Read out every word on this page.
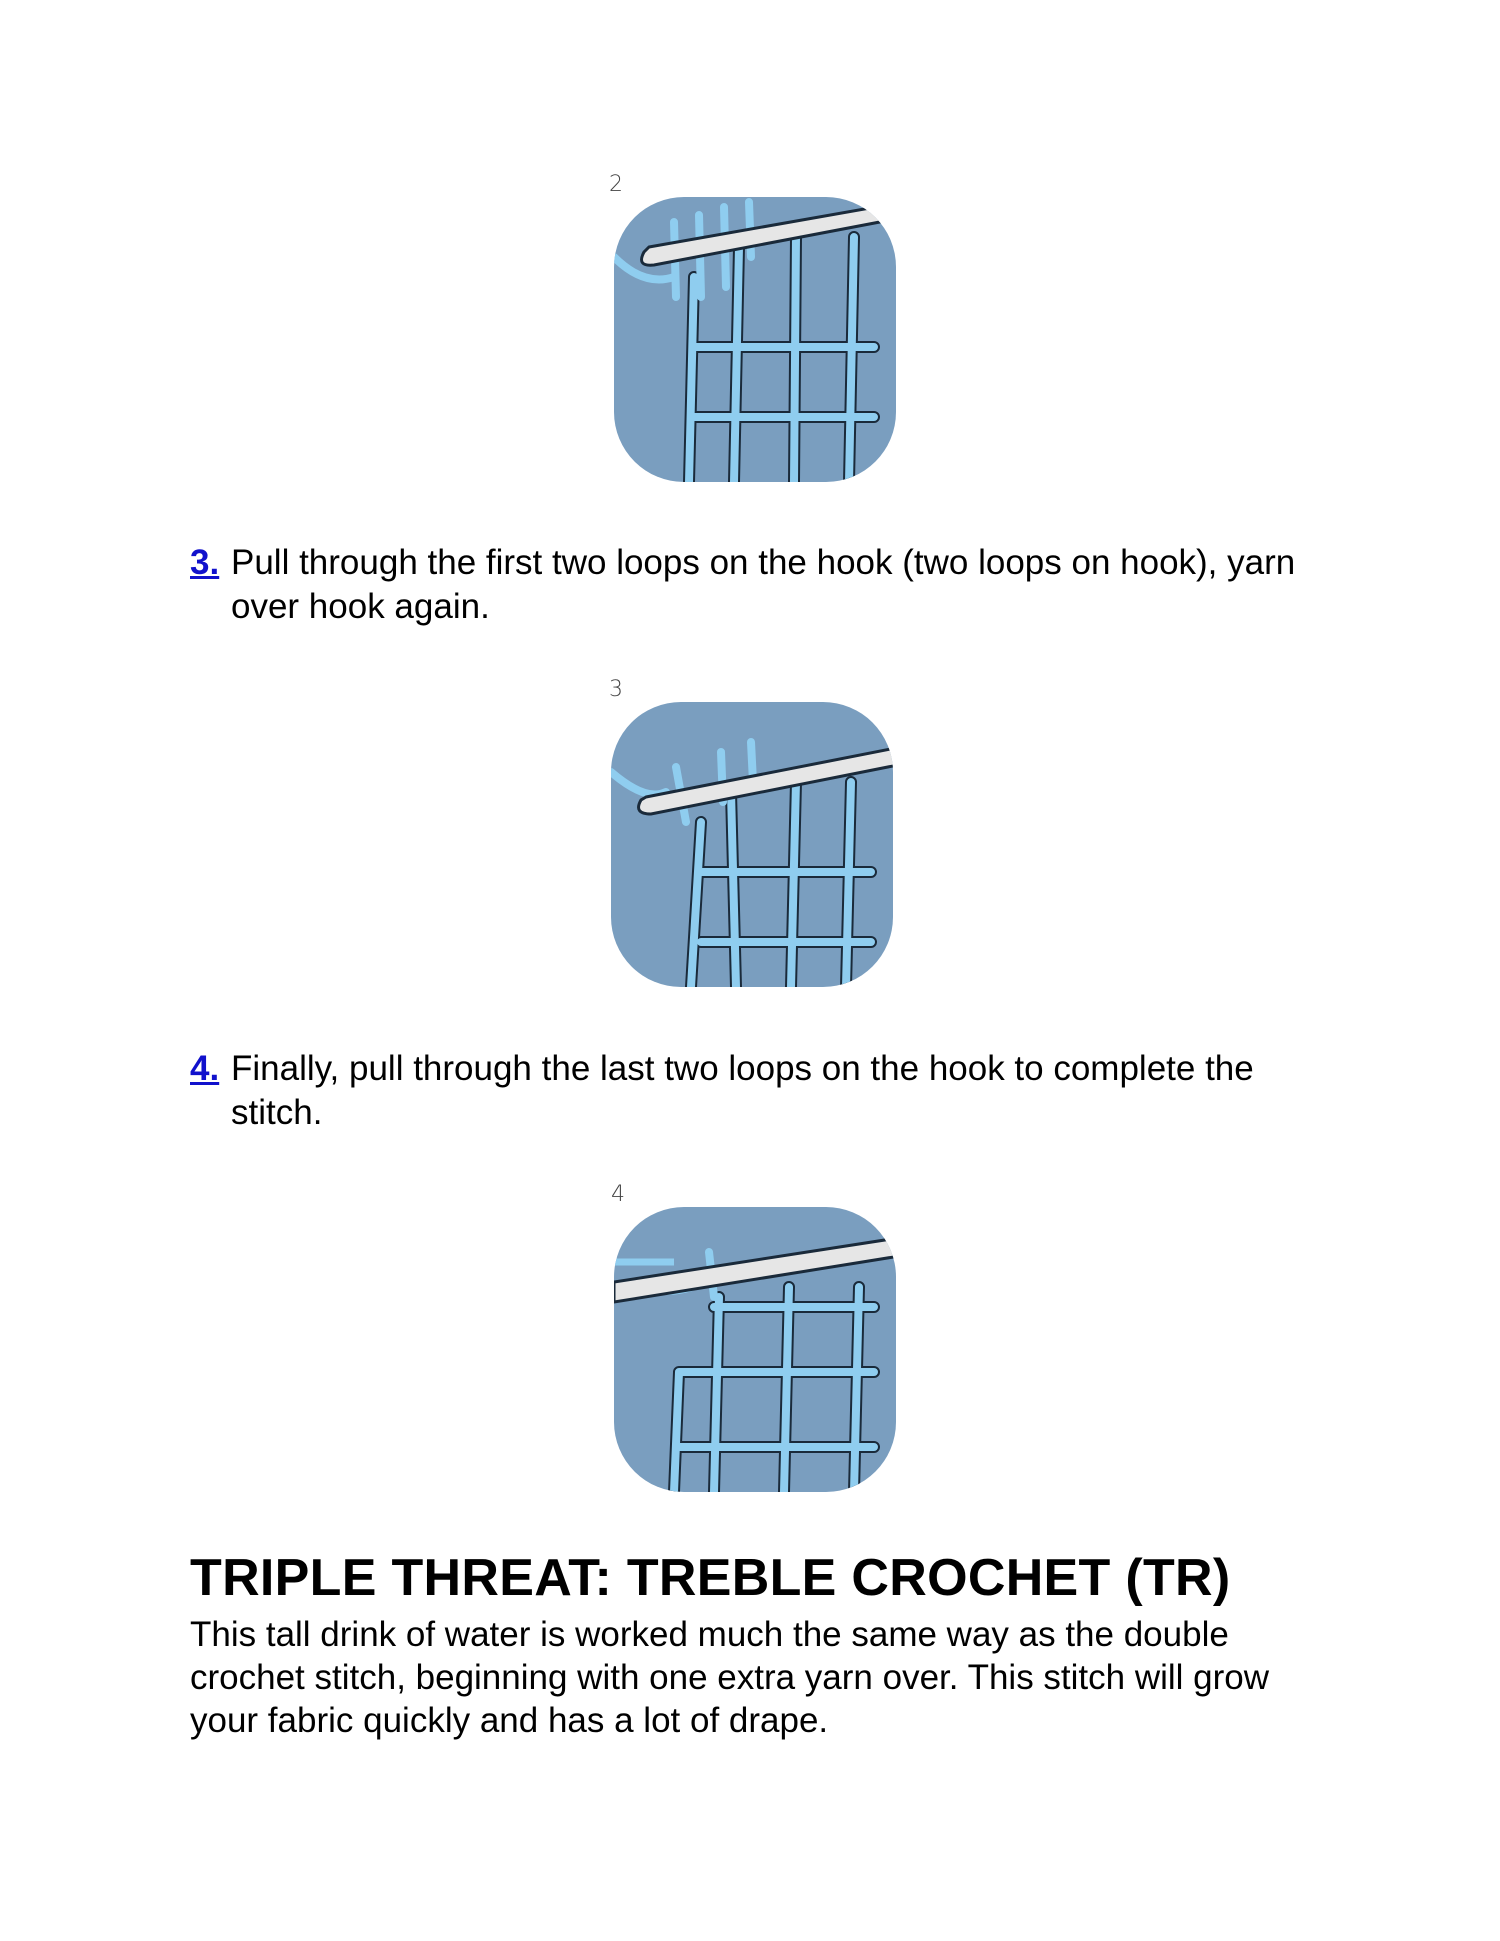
2
3. Pull through the first two loops on the hook (two loops on hook), yarn over hook again.
3
4. Finally, pull through the last two loops on the hook to complete the stitch.
4
TRIPLE THREAT: TREBLE CROCHET (TR)

This tall drink of water is worked much the same way as the double crochet stitch, beginning with one extra yarn over. This stitch will grow your fabric quickly and has a lot of drape.
